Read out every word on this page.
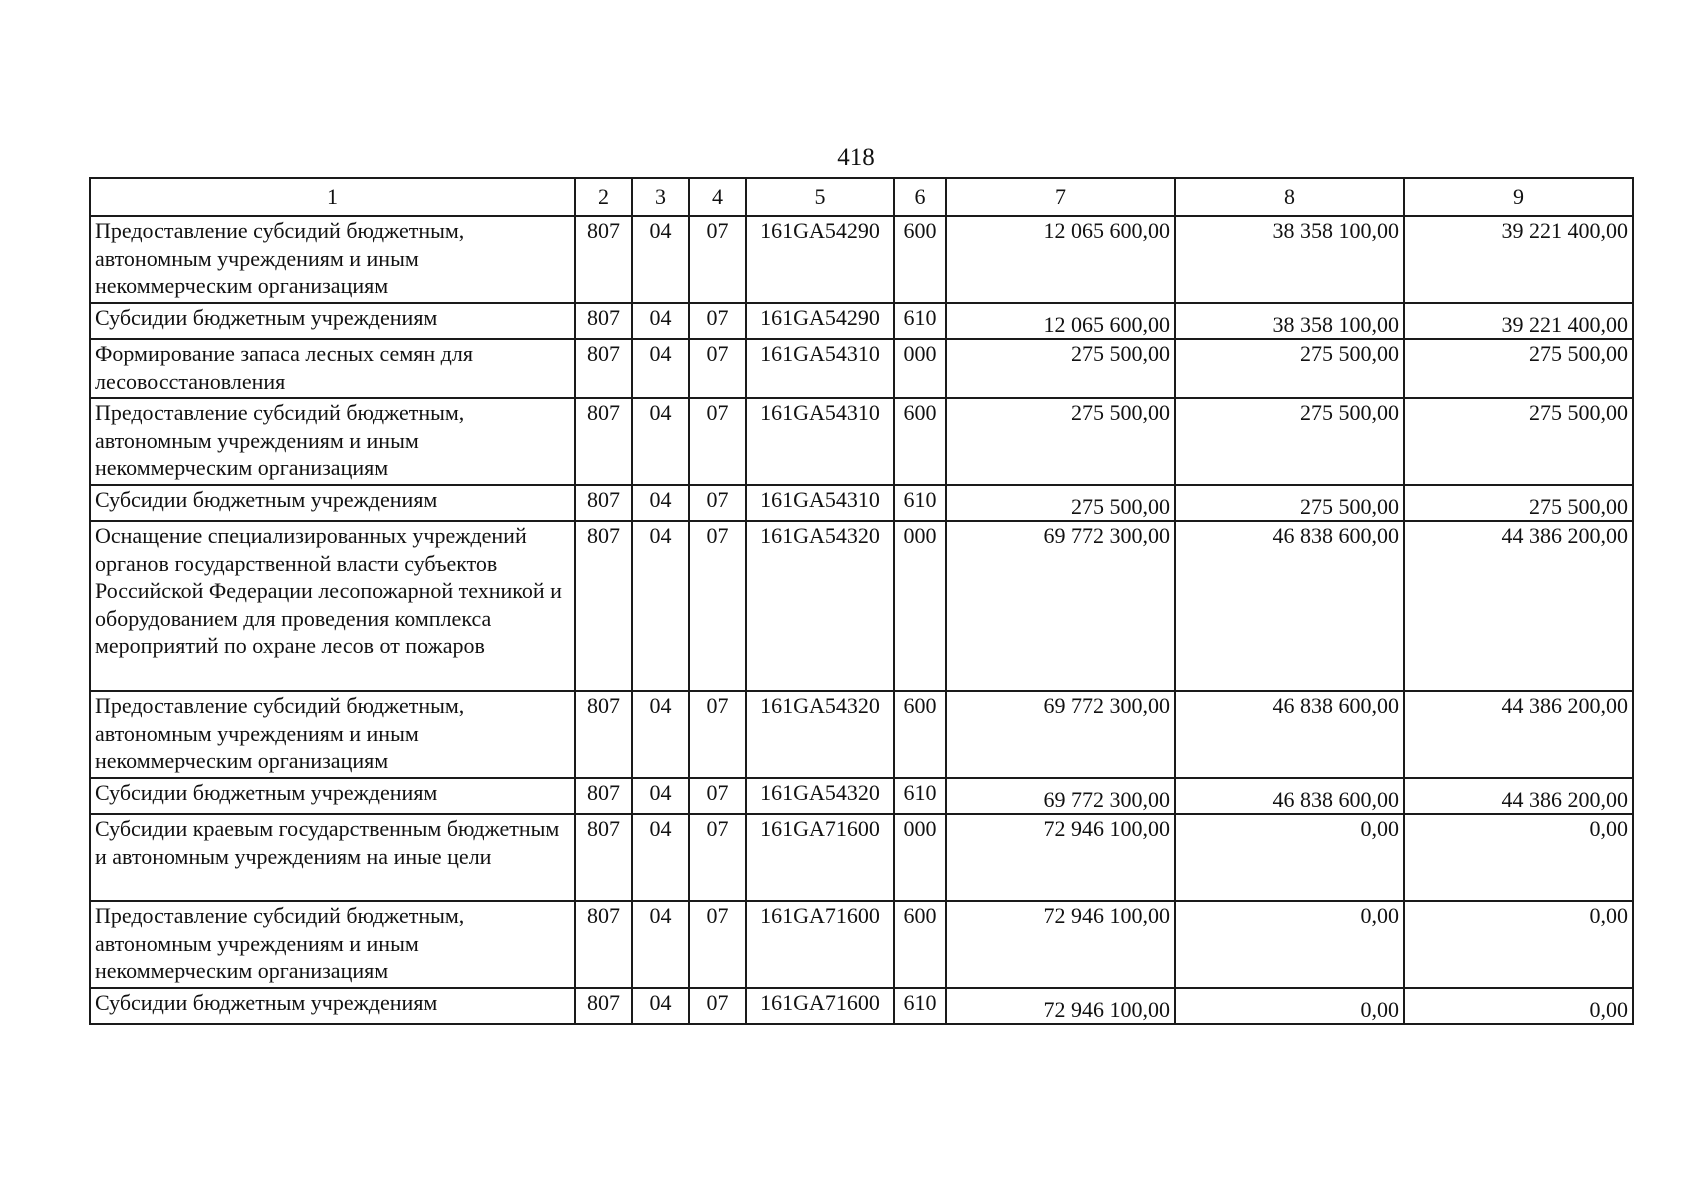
418
1	2	3	4	5	6	7	8	9
Предоставление субсидий бюджетным, автономным учреждениям и иным некоммерческим организациям	807	04	07	161GA54290	600	12 065 600,00	38 358 100,00	39 221 400,00
Субсидии бюджетным учреждениям	807	04	07	161GA54290	610	12 065 600,00	38 358 100,00	39 221 400,00
Формирование запаса лесных семян для лесовосстановления	807	04	07	161GA54310	000	275 500,00	275 500,00	275 500,00
Предоставление субсидий бюджетным, автономным учреждениям и иным некоммерческим организациям	807	04	07	161GA54310	600	275 500,00	275 500,00	275 500,00
Субсидии бюджетным учреждениям	807	04	07	161GA54310	610	275 500,00	275 500,00	275 500,00
Оснащение специализированных учреждений органов государственной власти субъектов Российской Федерации лесопожарной техникой и оборудованием для проведения комплекса мероприятий по охране лесов от пожаров	807	04	07	161GA54320	000	69 772 300,00	46 838 600,00	44 386 200,00
Предоставление субсидий бюджетным, автономным учреждениям и иным некоммерческим организациям	807	04	07	161GA54320	600	69 772 300,00	46 838 600,00	44 386 200,00
Субсидии бюджетным учреждениям	807	04	07	161GA54320	610	69 772 300,00	46 838 600,00	44 386 200,00
Субсидии краевым государственным бюджетным и автономным учреждениям на иные цели	807	04	07	161GA71600	000	72 946 100,00	0,00	0,00
Предоставление субсидий бюджетным, автономным учреждениям и иным некоммерческим организациям	807	04	07	161GA71600	600	72 946 100,00	0,00	0,00
Субсидии бюджетным учреждениям	807	04	07	161GA71600	610	72 946 100,00	0,00	0,00
